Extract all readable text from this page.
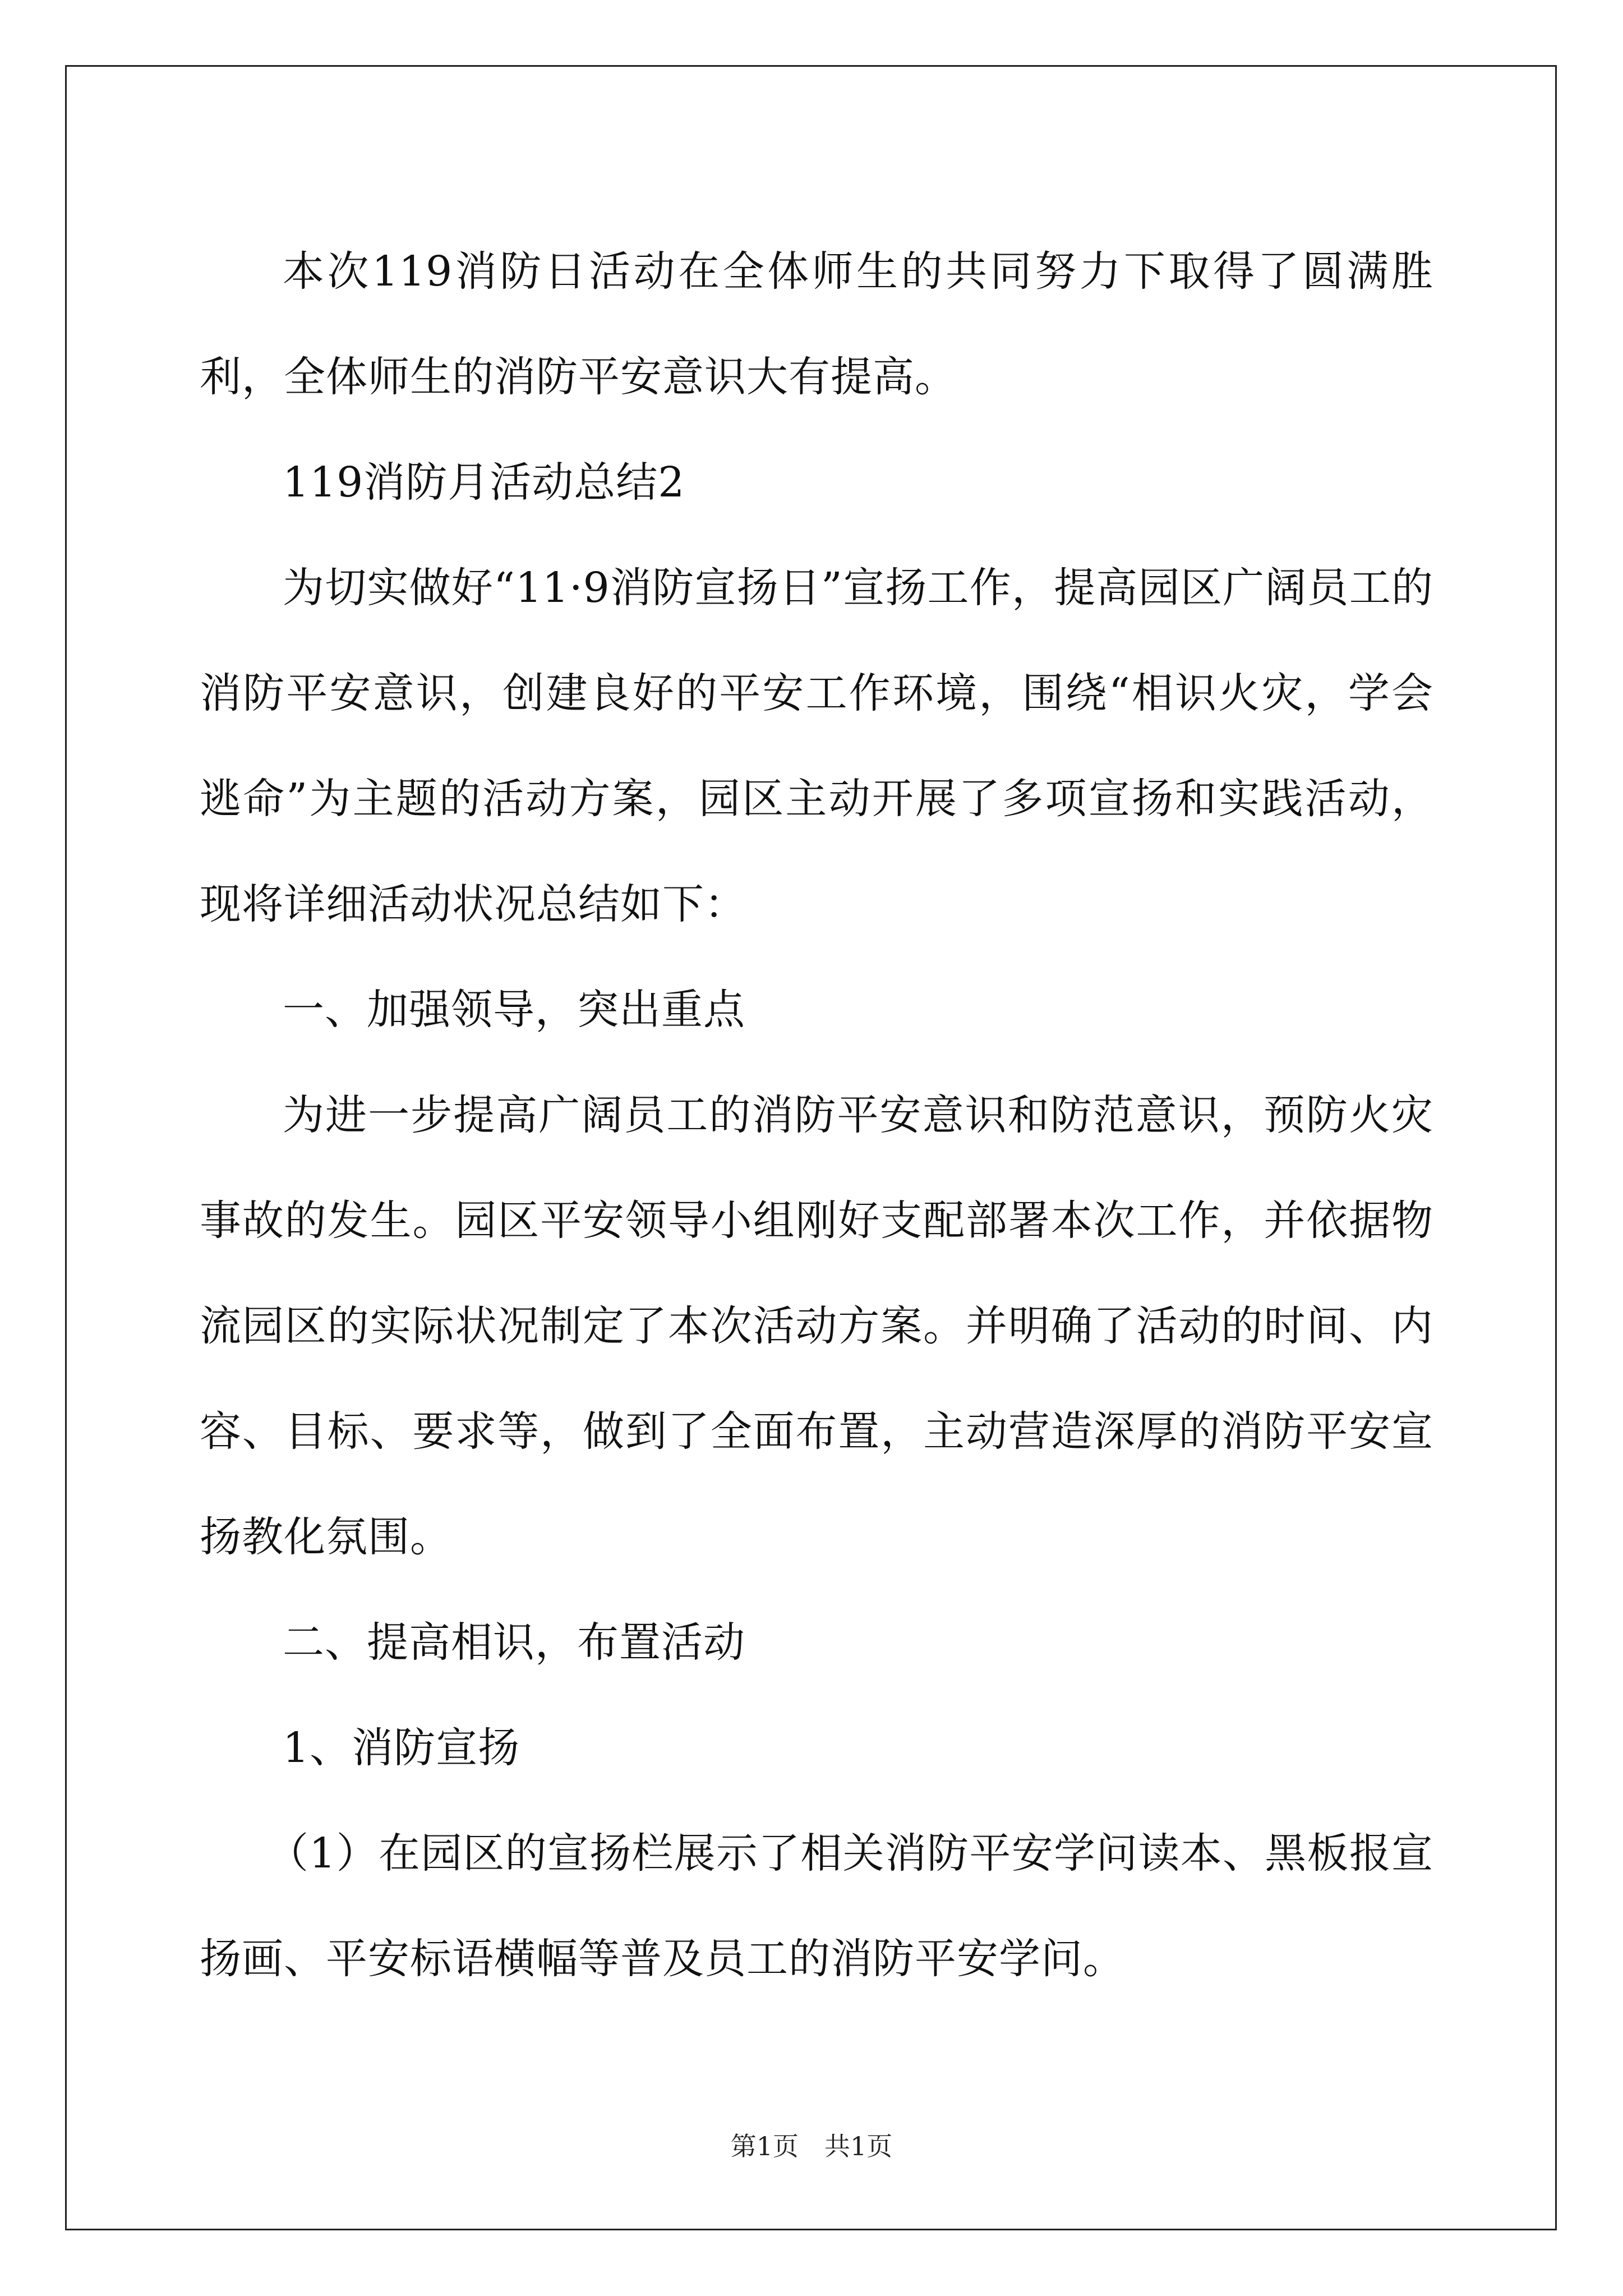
本次119消防日活动在全体师生的共同努力下取得了圆满胜利，全体师生的消防平安意识大有提高。

119消防月活动总结2

为切实做好“11·9消防宣扬日”宣扬工作，提高园区广阔员工的消防平安意识，创建良好的平安工作环境，围绕“相识火灾，学会逃命”为主题的活动方案，园区主动开展了多项宣扬和实践活动，现将详细活动状况总结如下：

一、加强领导，突出重点

为进一步提高广阔员工的消防平安意识和防范意识，预防火灾事故的发生。园区平安领导小组刚好支配部署本次工作，并依据物流园区的实际状况制定了本次活动方案。并明确了活动的时间、内容、目标、要求等，做到了全面布置，主动营造深厚的消防平安宣扬教化氛围。

二、提高相识，布置活动

1、消防宣扬

（1）在园区的宣扬栏展示了相关消防平安学问读本、黑板报宣扬画、平安标语横幅等普及员工的消防平安学问。

第1页　共1页
